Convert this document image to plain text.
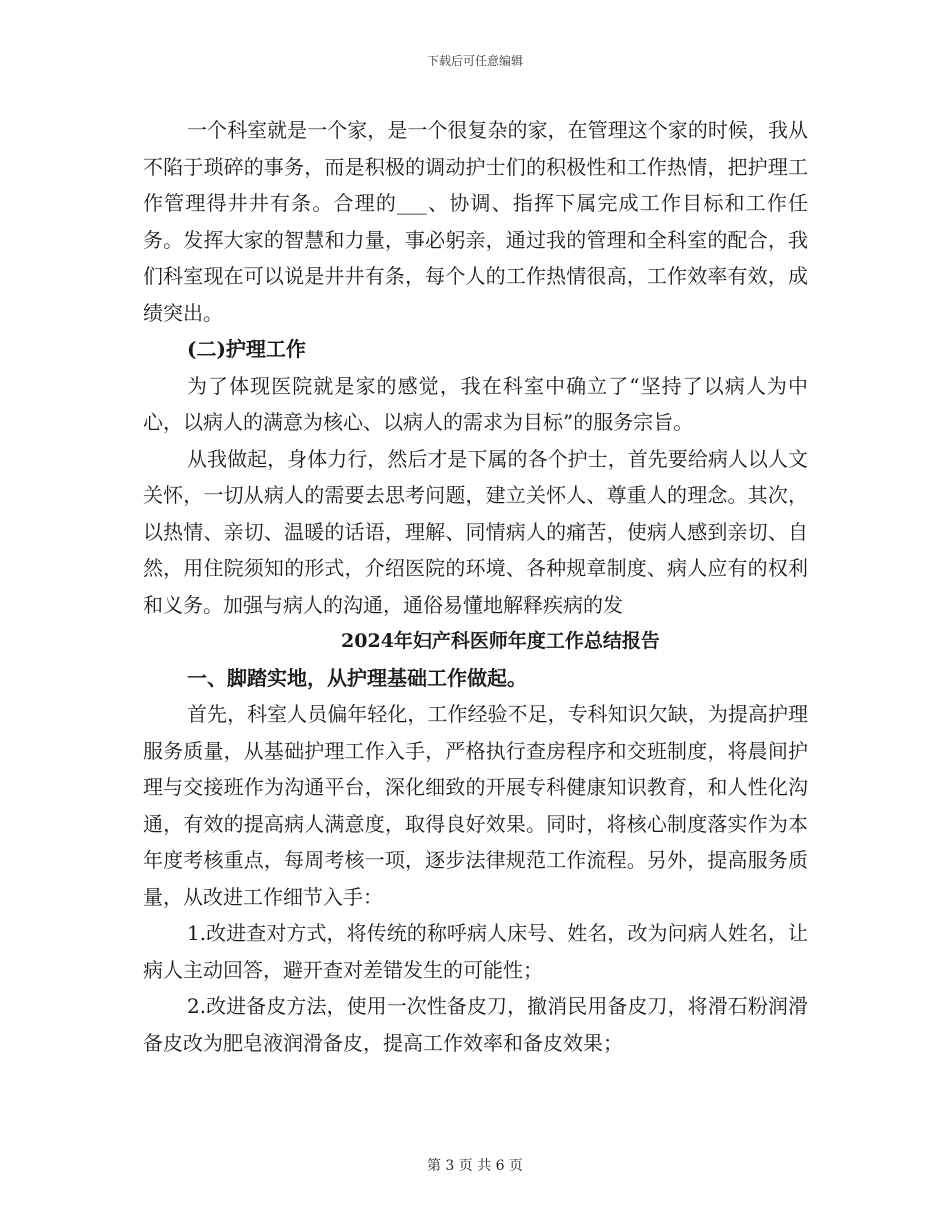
下载后可任意编辑

一个科室就是一个家，是一个很复杂的家，在管理这个家的时候，我从不陷于琐碎的事务，而是积极的调动护士们的积极性和工作热情，把护理工作管理得井井有条。合理的___、协调、指挥下属完成工作目标和工作任务。发挥大家的智慧和力量，事必躬亲，通过我的管理和全科室的配合，我们科室现在可以说是井井有条，每个人的工作热情很高，工作效率有效，成绩突出。

(二)护理工作

为了体现医院就是家的感觉，我在科室中确立了“坚持了以病人为中心，以病人的满意为核心、以病人的需求为目标”的服务宗旨。

从我做起，身体力行，然后才是下属的各个护士，首先要给病人以人文关怀，一切从病人的需要去思考问题，建立关怀人、尊重人的理念。其次，以热情、亲切、温暖的话语，理解、同情病人的痛苦，使病人感到亲切、自然，用住院须知的形式，介绍医院的环境、各种规章制度、病人应有的权利和义务。加强与病人的沟通，通俗易懂地解释疾病的发

2024年妇产科医师年度工作总结报告

一、脚踏实地，从护理基础工作做起。

首先，科室人员偏年轻化，工作经验不足，专科知识欠缺，为提高护理服务质量，从基础护理工作入手，严格执行查房程序和交班制度，将晨间护理与交接班作为沟通平台，深化细致的开展专科健康知识教育，和人性化沟通，有效的提高病人满意度，取得良好效果。同时，将核心制度落实作为本年度考核重点，每周考核一项，逐步法律规范工作流程。另外，提高服务质量，从改进工作细节入手：

1.改进查对方式，将传统的称呼病人床号、姓名，改为问病人姓名，让病人主动回答，避开查对差错发生的可能性；

2.改进备皮方法，使用一次性备皮刀，撤消民用备皮刀，将滑石粉润滑备皮改为肥皂液润滑备皮，提高工作效率和备皮效果；

第 3 页 共 6 页
